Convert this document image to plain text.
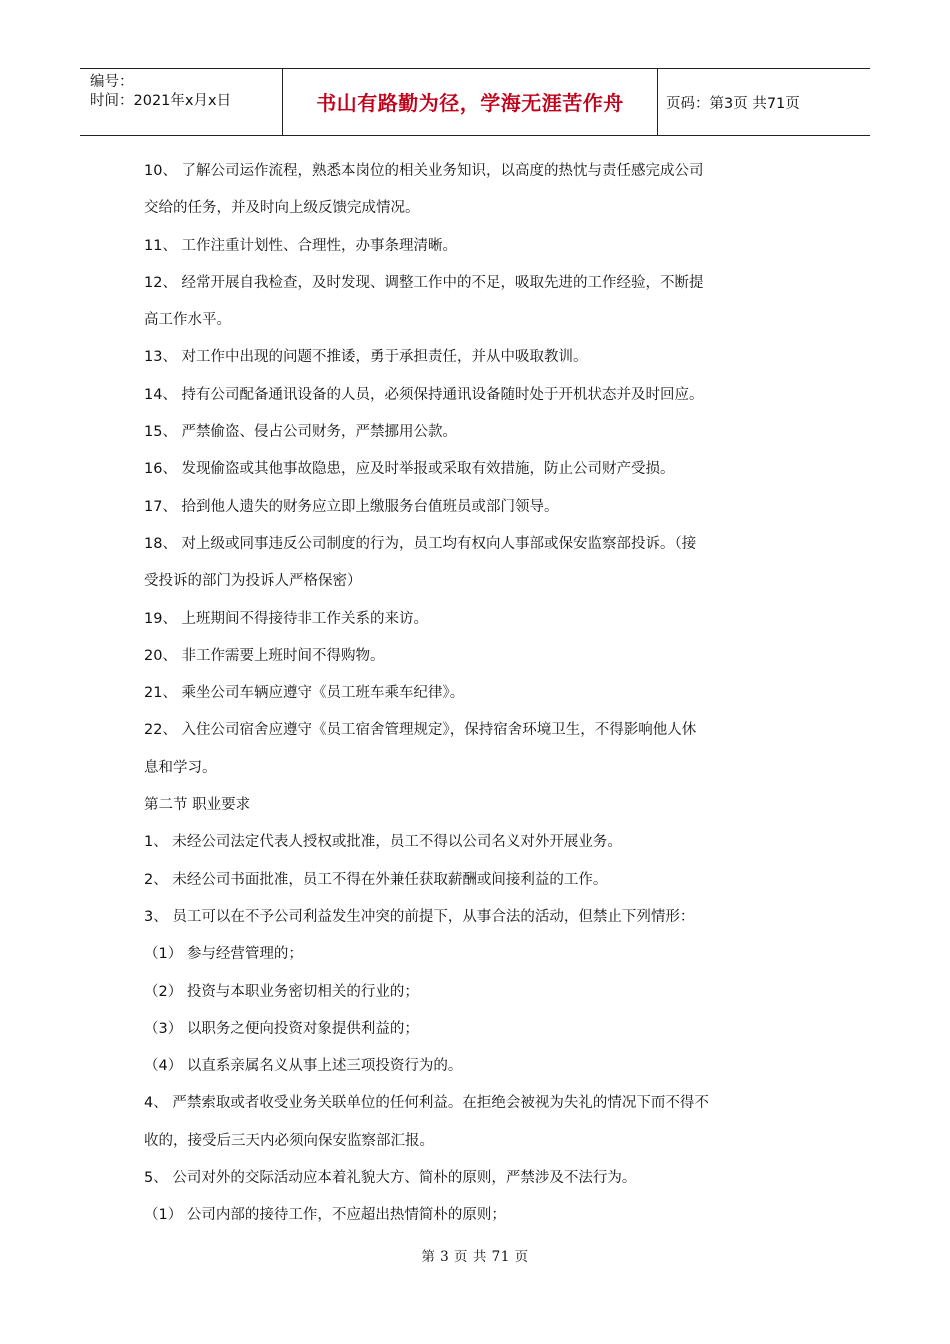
编号：
时间：2021年x月x日	书山有路勤为径，学海无涯苦作舟	页码：第3页 共71页
10、 了解公司运作流程，熟悉本岗位的相关业务知识，以高度的热忱与责任感完成公司
交给的任务，并及时向上级反馈完成情况。
11、 工作注重计划性、合理性，办事条理清晰。
12、 经常开展自我检查，及时发现、调整工作中的不足，吸取先进的工作经验，不断提
高工作水平。
13、 对工作中出现的问题不推诿，勇于承担责任，并从中吸取教训。
14、 持有公司配备通讯设备的人员，必须保持通讯设备随时处于开机状态并及时回应。
15、 严禁偷盗、侵占公司财务，严禁挪用公款。
16、 发现偷盗或其他事故隐患，应及时举报或采取有效措施，防止公司财产受损。
17、 拾到他人遗失的财务应立即上缴服务台值班员或部门领导。
18、 对上级或同事违反公司制度的行为，员工均有权向人事部或保安监察部投诉。（接
受投诉的部门为投诉人严格保密）
19、 上班期间不得接待非工作关系的来访。
20、 非工作需要上班时间不得购物。
21、 乘坐公司车辆应遵守《员工班车乘车纪律》。
22、 入住公司宿舍应遵守《员工宿舍管理规定》，保持宿舍环境卫生，不得影响他人休
息和学习。
第二节 职业要求
1、 未经公司法定代表人授权或批准，员工不得以公司名义对外开展业务。
2、 未经公司书面批准，员工不得在外兼任获取薪酬或间接利益的工作。
3、 员工可以在不予公司利益发生冲突的前提下，从事合法的活动，但禁止下列情形：
（1） 参与经营管理的；
（2） 投资与本职业务密切相关的行业的；
（3） 以职务之便向投资对象提供利益的；
（4） 以直系亲属名义从事上述三项投资行为的。
4、 严禁索取或者收受业务关联单位的任何利益。在拒绝会被视为失礼的情况下而不得不
收的，接受后三天内必须向保安监察部汇报。
5、 公司对外的交际活动应本着礼貌大方、简朴的原则，严禁涉及不法行为。
（1） 公司内部的接待工作，不应超出热情简朴的原则；
第 3 页 共 71 页
